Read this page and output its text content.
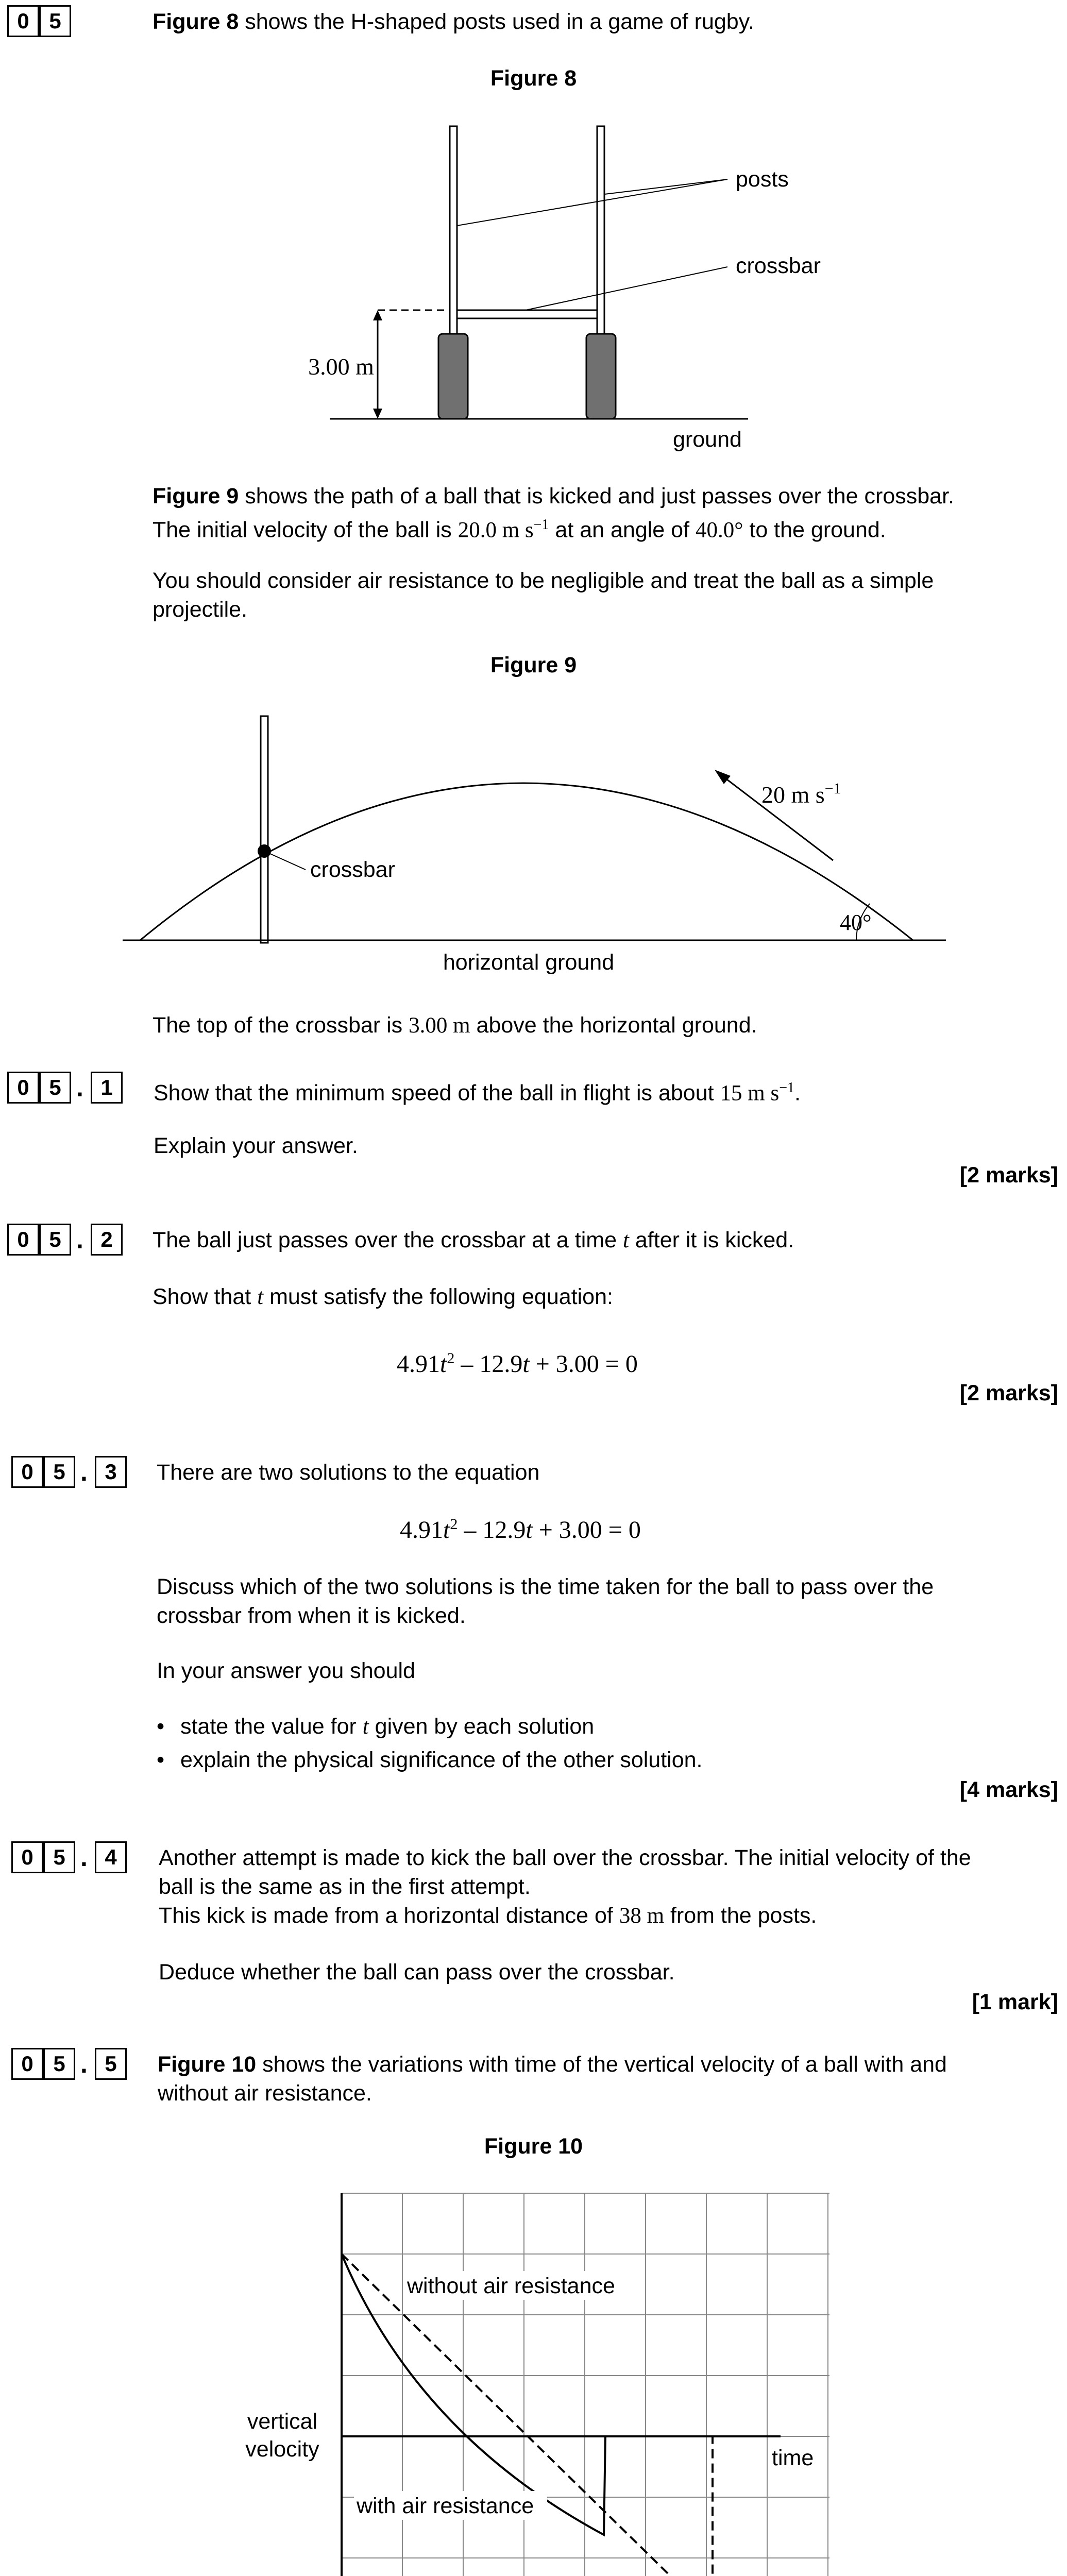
0 5	Figure 8 shows the H-shaped posts used in a game of rugby.
Figure 8
3.00 m
posts
crossbar
ground
Figure 9 shows the path of a ball that is kicked and just passes over the crossbar.
The initial velocity of the ball is 20.0 m $s^{-1}$ at an angle of 40.0° to the ground.
You should consider air resistance to be negligible and treat the ball as a simple
projectile.
Figure 9
crossbar
20 m $s^{-1}$
40°
horizontal ground
The top of the crossbar is 3.00 m above the horizontal ground.
0 5 . 1	Show that the minimum speed of the ball in flight is about 15 m $s^{-1}$.
Explain your answer.
[2 marks]
0 5 . 2	The ball just passes over the crossbar at a time t after it is kicked.
Show that t must satisfy the following equation:
$4.91t^2 - 12.9t + 3.00 = 0$
[2 marks]
0 5 . 3	There are two solutions to the equation
$4.91t^2 - 12.9t + 3.00 = 0$
Discuss which of the two solutions is the time taken for the ball to pass over the
crossbar from when it is kicked.
In your answer you should
• state the value for t given by each solution
• explain the physical significance of the other solution.
[4 marks]
0 5 . 4	Another attempt is made to kick the ball over the crossbar. The initial velocity of the
ball is the same as in the first attempt.
This kick is made from a horizontal distance of 38 m from the posts.
Deduce whether the ball can pass over the crossbar.
[1 mark]
0 5 . 5	Figure 10 shows the variations with time of the vertical velocity of a ball with and
without air resistance.
Figure 10
without air resistance
with air resistance
vertical
velocity	time
